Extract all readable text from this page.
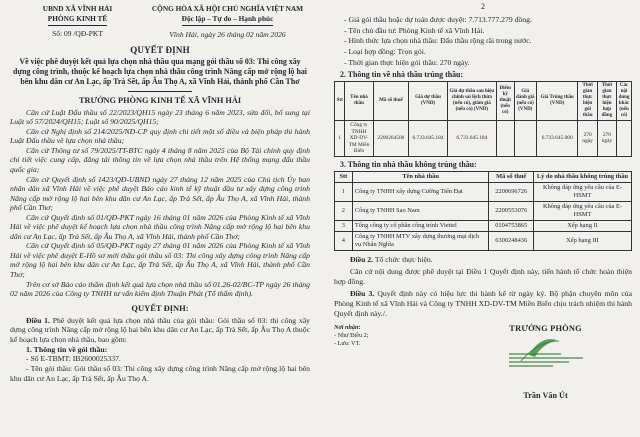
UBND XÃ VĨNH HẢI
PHÒNG KINH TẾ
Số: 09 /QĐ-PKT
CỘNG HÒA XÃ HỘI CHỦ NGHĨA VIỆT NAM
Độc lập – Tự do – Hạnh phúc
Vĩnh Hải, ngày 26 tháng 02 năm 2026
QUYẾT ĐỊNH
Về việc phê duyệt kết quả lựa chọn nhà thầu qua mạng gói thầu số 03: Thi công xây dựng công trình, thuộc kế hoạch lựa chọn nhà thầu công trình Nâng cấp mở rộng lộ hai bên khu dân cư An Lạc, ấp Trà Sết, ấp Âu Thọ A, xã Vĩnh Hải, thành phố Cần Thơ
TRƯỞNG PHÒNG KINH TẾ XÃ VĨNH HẢI

Căn cứ Luật Đấu thầu số 22/2023/QH15 ngày 23 tháng 6 năm 2023, sửa đổi, bổ sung tại Luật số 57/2024/QH15; Luật số 90/2025/QH15;

Căn cứ Nghị định số 214/2025/NĐ-CP quy định chi tiết một số điều và biện pháp thi hành Luật Đấu thầu về lựa chọn nhà thầu;

Căn cứ Thông tư số 79/2025/TT-BTC ngày 4 tháng 8 năm 2025 của Bộ Tài chính quy định chi tiết việc cung cấp, đăng tải thông tin về lựa chọn nhà thầu trên Hệ thống mạng đấu thầu quốc gia;

Căn cứ Quyết định số 1423/QĐ-UBND ngày 27 tháng 12 năm 2025 của Chủ tịch Ủy ban nhân dân xã Vĩnh Hải về việc phê duyệt Báo cáo kinh tế kỹ thuật đầu tư xây dựng công trình Nâng cấp mở rộng lộ hai bên khu dân cư An Lạc, ấp Trà Sết, ấp Âu Thọ A, xã Vĩnh Hải, thành phố Cần Thơ;

Căn cứ Quyết định số 01/QĐ-PKT ngày 16 tháng 01 năm 2026 của Phòng Kinh tế xã Vĩnh Hải về việc phê duyệt kế hoạch lựa chọn nhà thầu công trình Nâng cấp mở rộng lộ hai bên khu dân cư An Lạc, ấp Trà Sết, ấp Âu Thọ A, xã Vĩnh Hải, thành phố Cần Thơ;

Căn cứ Quyết định số 05/QĐ-PKT ngày 27 tháng 01 năm 2026 của Phòng Kinh tế xã Vĩnh Hải về việc phê duyệt E-Hồ sơ mời thầu gói thầu số 03: Thi công xây dựng công trình Nâng cấp mở rộng lộ hai bên khu dân cư An Lạc, ấp Trà Sết, ấp Âu Thọ A, xã Vĩnh Hải, thành phố Cần Thơ;

Trên cơ sở Báo cáo thẩm định kết quả lựa chọn nhà thầu số 01.26-02/BC-TP ngày 26 tháng 02 năm 2026 của Công ty TNHH tư vấn kiểm định Thuận Phát (Tổ thẩm định).

QUYẾT ĐỊNH:

Điều 1. Phê duyệt kết quả lựa chọn nhà thầu của gói thầu: Gói thầu số 03: thi công xây dựng công trình Nâng cấp mở rộng lộ hai bên khu dân cư An Lạc, ấp Trà Sết, ấp Âu Thọ A thuộc kế hoạch lựa chọn nhà thầu, bao gồm:

1. Thông tin về gói thầu:

- Số E-TBMT: IB2600025337.

- Tên gói thầu: Gói thầu số 03: Thi công xây dựng công trình Nâng cấp mở rộng lộ hai bên khu dân cư An Lạc, ấp Trà Sết, ấp Âu Thọ A.

2

- Giá gói thầu hoặc dự toán được duyệt: 7.713.777.279 đồng.

- Tên chủ đầu tư: Phòng Kinh tế xã Vĩnh Hải.

- Hình thức lựa chọn nhà thầu: Đấu thầu rộng rãi trong nước.

- Loại hợp đồng: Trọn gói.

- Thời gian thực hiện gói thầu: 270 ngày.

2. Thông tin về nhà thầu trúng thầu:
Stt	Tên nhà thầu	Mã số thuế	Giá dự thầu (VND)	Giá dự thầu sau hiệu chỉnh sai lệch thừa (nếu có), giảm giá (nếu có) (VND)	Điểm kỹ thuật (nếu có)	Giá đánh giá (nếu có) (VND)	Giá Trúng thầu (VND)	Thời gian thực hiện gói thầu	Thời gian thực hiện hợp đồng	Các nội dung khác (nếu có)
1	Công ty TNHH XD-DV-TM Miền Biển	2200264500	6.733.645.184	6.733.645.184			6.733.645.000	270 ngày	270 ngày	
3. Thông tin nhà thầu không trúng thầu:
Stt	Tên nhà thầu	Mã số thuế	Lý do nhà thầu không trúng thầu
1	Công ty TNHH xây dựng Cường Tiến Đạt	2200696726	Không đáp ứng yêu cầu của E-HSMT
2	Công ty TNHH Sao Nam	2200553076	Không đáp ứng yêu cầu của E-HSMT
3	Tổng công ty cổ phần công trình Viettel	0104753865	Xếp hạng II
4	Công ty TNHH MTV xây dựng thương mại dịch vụ Nhân Nghĩa	6300248436	Xếp hạng III

Điều 2. Tổ chức thực hiện.

Căn cứ nội dung được phê duyệt tại Điều 1 Quyết định này, tiến hành tổ chức hoàn thiện hợp đồng.

Điều 3. Quyết định này có hiệu lực thi hành kể từ ngày ký. Bộ phận chuyên môn của Phòng Kinh tế xã Vĩnh Hải và Công ty TNHH XD-DV-TM Miền Biển chịu trách nhiệm thi hành Quyết định này./.

Nơi nhận:
- Như Điều 2;
- Lưu: VT.
TRƯỞNG PHÒNG
Trần Văn Út
